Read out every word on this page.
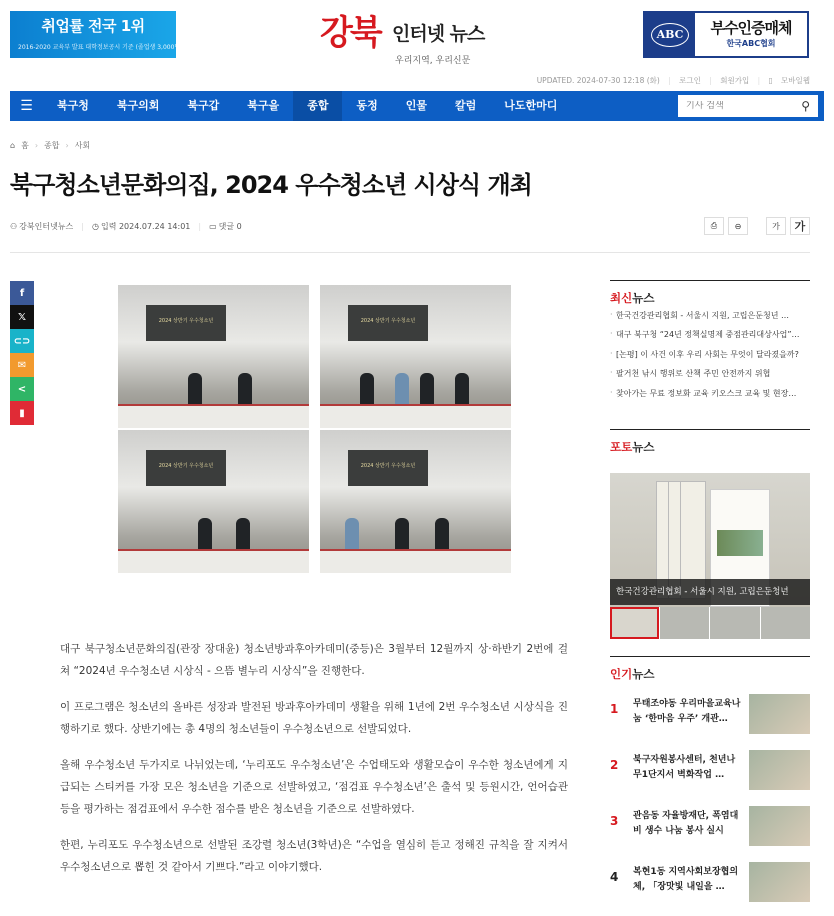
취업률 전국 1위
2016-2020 교육부 발표 대학정보공시 기준 (졸업생 3,000명 이상 전문대학)	강북 인터넷 뉴스
우리지역, 우리신문
ABC	부수인증매체
한국ABC협회
UPDATED. 2024-07-30 12:18 (화) | 로그인 | 회원가입 | ▯ 모바일웹
☰	북구청	북구의회	북구갑	북구을	종합	동정	인물	칼럼	나도한마디
기사 검색	⚲
⌂ 홈 › 종합 › 사회
북구청소년문화의집, 2024 우수청소년 시상식 개최
⚇ 강북인터넷뉴스 | ◷ 입력 2024.07.24 14:01 | ▭ 댓글 0	⎙	⊖	가	가
f
𝕏
⊂⊃
✉
<
▮
2024 상반기 우수청소년	2024 상반기 우수청소년
2024 상반기 우수청소년	2024 상반기 우수청소년

대구 북구청소년문화의집(관장 장대윤) 청소년방과후아카데미(중등)은 3월부터 12월까지 상·하반기 2번에 걸쳐 “2024년 우수청소년 시상식 - 으뜸 별누리 시상식”을 진행한다.

이 프로그램은 청소년의 올바른 성장과 발전된 방과후아카데미 생활을 위해 1년에 2번 우수청소년 시상식을 진행하기로 했다. 상반기에는 총 4명의 청소년들이 우수청소년으로 선발되었다.

올해 우수청소년 두가지로 나뉘었는데, ‘누리포도 우수청소년’은 수업태도와 생활모습이 우수한 청소년에게 지급되는 스티커를 가장 모은 청소년을 기준으로 선발하였고, ‘점검표 우수청소년’은 출석 및 등원시간, 언어습관 등을 평가하는 점검표에서 우수한 점수를 받은 청소년을 기준으로 선발하였다.

한편, 누리포도 우수청소년으로 선발된 조강렬 청소년(3학년)은 “수업을 열심히 듣고 정해진 규칙을 잘 지켜서 우수청소년으로 뽑힌 것 같아서 기쁘다.”라고 이야기했다.

최신뉴스
· 한국건강관리협회 - 서울시 지원, 고립은둔청년 …
· 대구 북구청 “24년 정책실명제 중점관리대상사업”…
· [논평] 이 사건 이후 우리 사회는 무엇이 달라졌을까?
· 팔거천 낚시 행위로 산책 주민 안전까지 위협
· 찾아가는 무료 정보화 교육 키오스크 교육 및 현장…
포토뉴스
한국건강관리협회 - 서울시 지원, 고립은둔청년
인기뉴스
1 무태조야동 우리마을교육나눔 ‘한마음 우주’ 개관…
2 북구자원봉사센터, 천년나무1단지서 벽화작업 …
3 관음동 자율방재단, 폭염대비 생수 나눔 봉사 실시
4 복현1동 지역사회보장협의체, 「장맛빛 내일을 …
